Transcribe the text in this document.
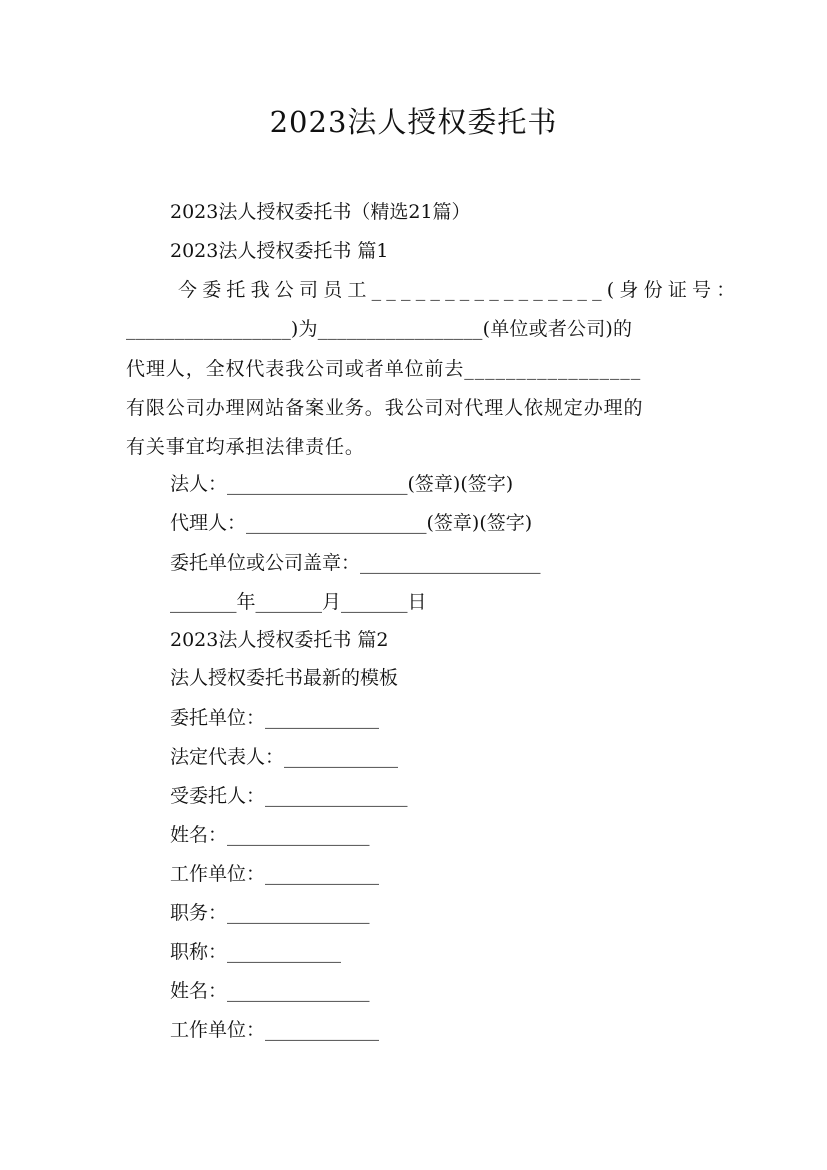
2023法人授权委托书
2023法人授权委托书（精选21篇）
2023法人授权委托书 篇1
今委托我公司员工________________(身份证号：
_________________)为_________________(单位或者公司)的
代理人，全权代表我公司或者单位前去_________________
有限公司办理网站备案业务。我公司对代理人依规定办理的
有关事宜均承担法律责任。
法人：___________________(签章)(签字)
代理人：___________________(签章)(签字)
委托单位或公司盖章：___________________
_______年_______月_______日
2023法人授权委托书 篇2
法人授权委托书最新的模板
委托单位：____________
法定代表人：____________
受委托人：_______________
姓名：_______________
工作单位：____________
职务：_______________
职称：____________
姓名：_______________
工作单位：____________
